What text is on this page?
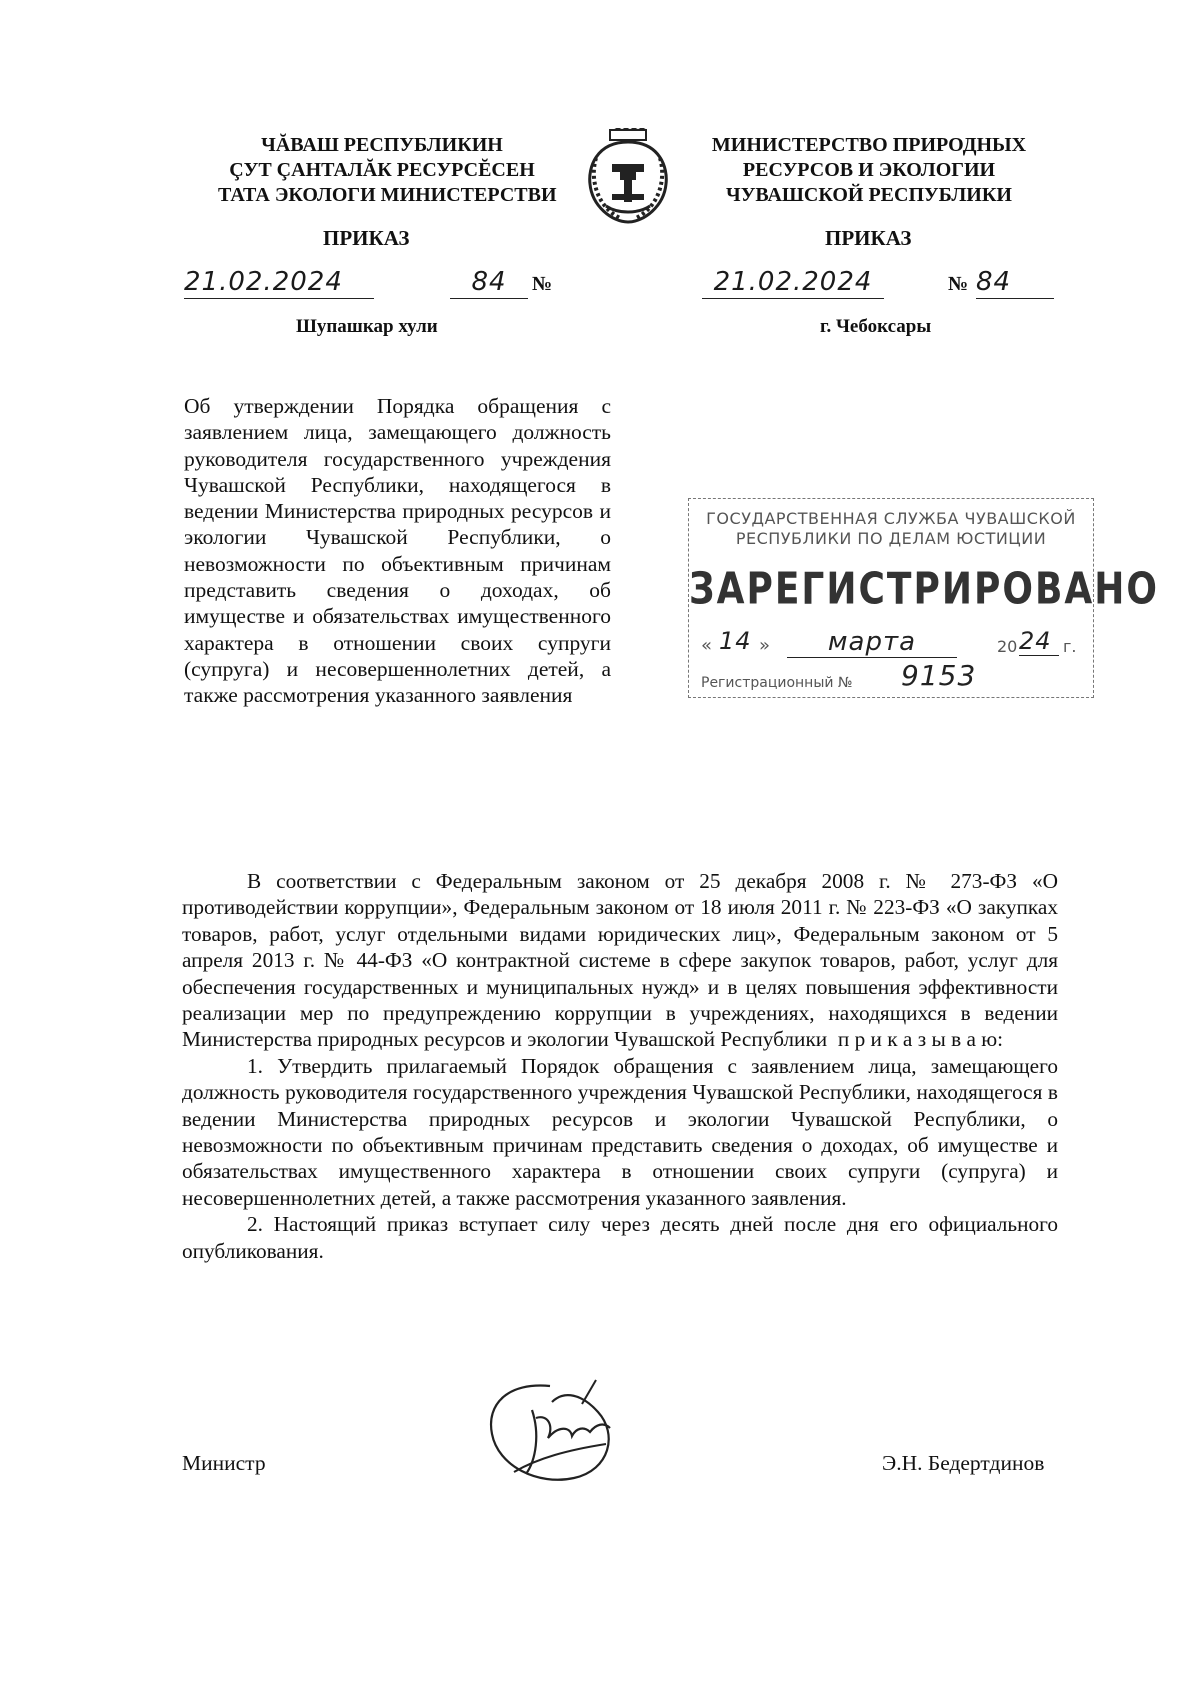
ЧĂВАШ РЕСПУБЛИКИН
ÇУТ ÇАНТАЛĂК РЕСУРСĔСЕН
ТАТА ЭКОЛОГИ МИНИСТЕРСТВИ
МИНИСТЕРСТВО ПРИРОДНЫХ
РЕСУРСОВ И ЭКОЛОГИИ
ЧУВАШСКОЙ РЕСПУБЛИКИ
ПРИКАЗ	ПРИКАЗ
21.02.2024	84	№	21.02.2024	№ 84
Шупашкар хули	г. Чебоксары
Об утверждении Порядка обращения с заявлением лица, замещающего должность руководителя государственного учреждения Чувашской Республики, находящегося в ведении Министерства природных ресурсов и экологии Чувашской Республики, о невозможности по объективным причинам представить сведения о доходах, об имуществе и обязательствах имущественного характера в отношении своих супруги (супруга) и несовершеннолетних детей, а также рассмотрения указанного заявления
ГОСУДАРСТВЕННАЯ СЛУЖБА ЧУВАШСКОЙ
РЕСПУБЛИКИ ПО ДЕЛАМ ЮСТИЦИИ
ЗАРЕГИСТРИРОВАНО
« 14 »	марта	20 24 г.
Регистрационный № 9153

В соответствии с Федеральным законом от 25 декабря 2008 г. № 273-ФЗ «О противодействии коррупции», Федеральным законом от 18 июля 2011 г. № 223-ФЗ «О закупках товаров, работ, услуг отдельными видами юридических лиц», Федеральным законом от 5 апреля 2013 г. № 44-ФЗ «О контрактной системе в сфере закупок товаров, работ, услуг для обеспечения государственных и муниципальных нужд» и в целях повышения эффективности реализации мер по предупреждению коррупции в учреждениях, находящихся в ведении Министерства природных ресурсов и экологии Чувашской Республики п р и к а з ы в а ю:

1. Утвердить прилагаемый Порядок обращения с заявлением лица, замещающего должность руководителя государственного учреждения Чувашской Республики, находящегося в ведении Министерства природных ресурсов и экологии Чувашской Республики, о невозможности по объективным причинам представить сведения о доходах, об имуществе и обязательствах имущественного характера в отношении своих супруги (супруга) и несовершеннолетних детей, а также рассмотрения указанного заявления.

2. Настоящий приказ вступает силу через десять дней после дня его официального опубликования.

Министр	Э.Н. Бедертдинов
